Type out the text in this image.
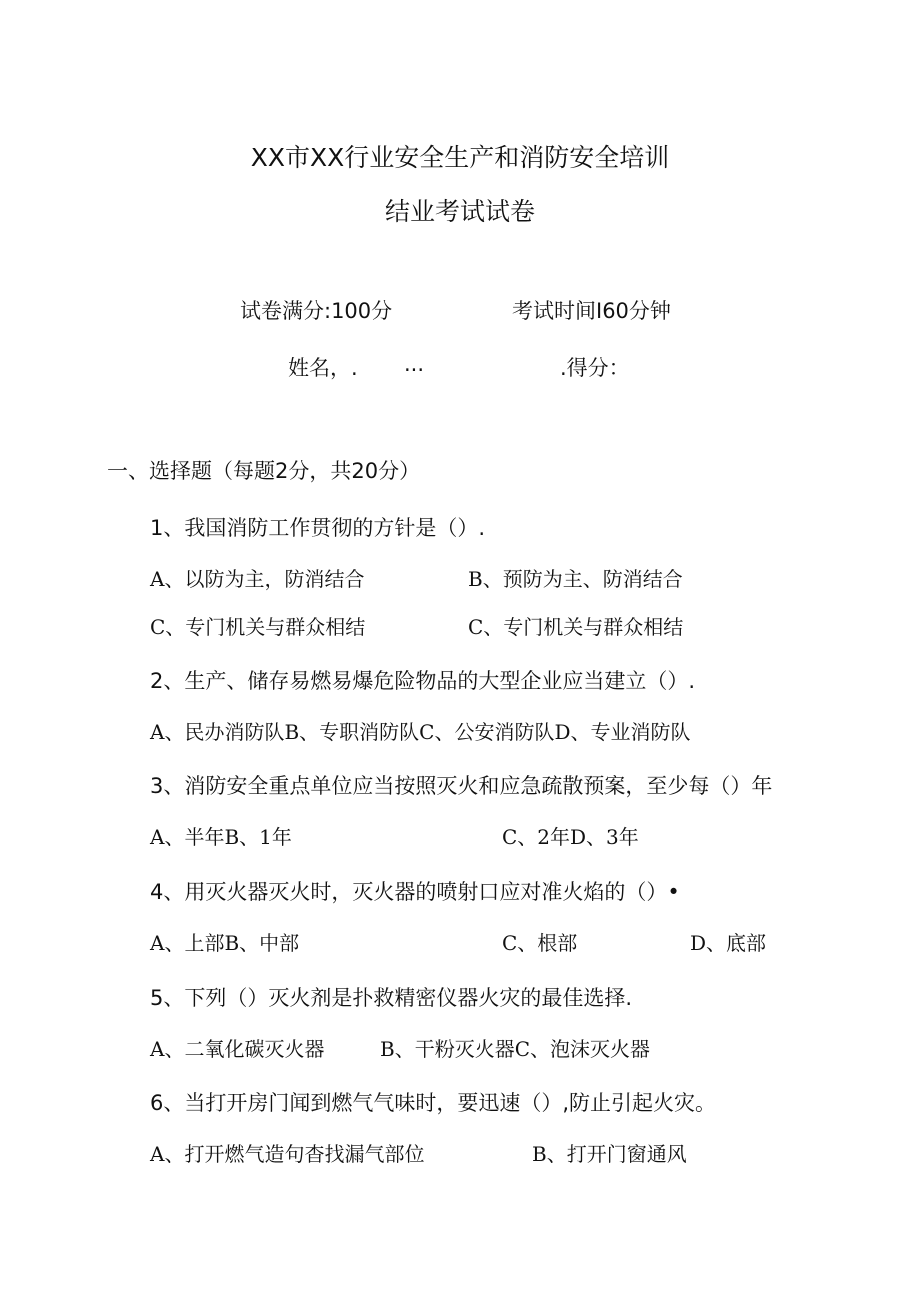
XX市XX行业安全生产和消防安全培训
结业考试试卷
试卷满分:100分	考试时间I60分钟
姓名，. ...	.得分：
一、选择题（每题2分，共20分）
1、我国消防工作贯彻的方针是（）.
A、以防为主，防消结合	B、预防为主、防消结合
C、专门机关与群众相结	C、专门机关与群众相结
2、生产、储存易燃易爆危险物品的大型企业应当建立（）.
A、民办消防队B、专职消防队C、公安消防队D、专业消防队
3、消防安全重点单位应当按照灭火和应急疏散预案，至少每（）年
A、半年B、1年	C、2年D、3年
4、用灭火器灭火时，灭火器的喷射口应对准火焰的（）•
A、上部B、中部	C、根部	D、底部
5、下列（）灭火剂是扑救精密仪器火灾的最佳选择.
A、二氧化碳灭火器	B、干粉灭火器C、泡沫灭火器
6、当打开房门闻到燃气气味时，要迅速（）,防止引起火灾。
A、打开燃气造句杳找漏气部位	B、打开门窗通风
